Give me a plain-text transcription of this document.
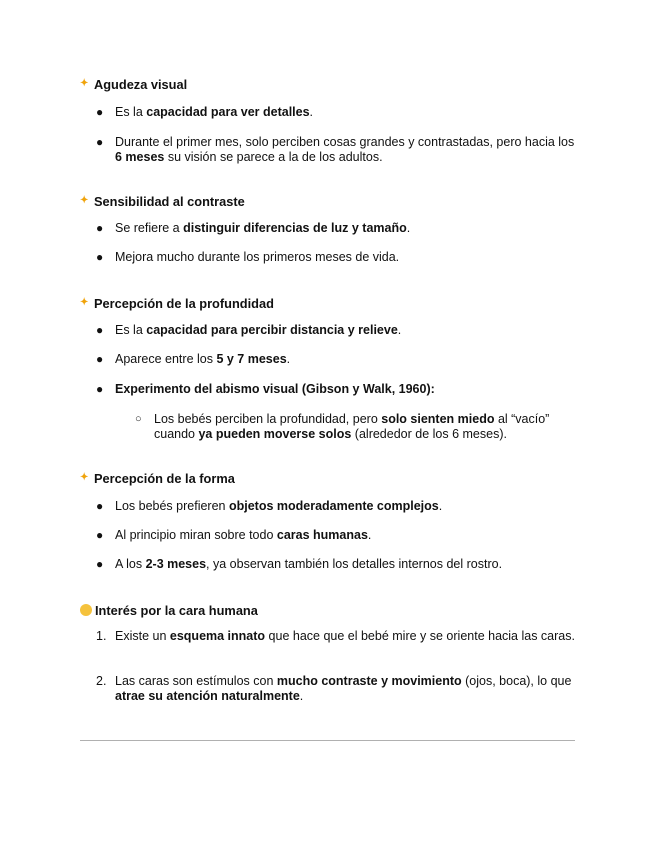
✦ Agudeza visual
● Es la capacidad para ver detalles.
● Durante el primer mes, solo perciben cosas grandes y contrastadas, pero hacia los 6 meses su visión se parece a la de los adultos.
✦ Sensibilidad al contraste
● Se refiere a distinguir diferencias de luz y tamaño.
● Mejora mucho durante los primeros meses de vida.
✦ Percepción de la profundidad
● Es la capacidad para percibir distancia y relieve.
● Aparece entre los 5 y 7 meses.
● Experimento del abismo visual (Gibson y Walk, 1960):
○ Los bebés perciben la profundidad, pero solo sienten miedo al “vacío” cuando ya pueden moverse solos (alrededor de los 6 meses).
✦ Percepción de la forma
● Los bebés prefieren objetos moderadamente complejos.
● Al principio miran sobre todo caras humanas.
● A los 2-3 meses, ya observan también los detalles internos del rostro.
Interés por la cara humana
1. Existe un esquema innato que hace que el bebé mire y se oriente hacia las caras.
2. Las caras son estímulos con mucho contraste y movimiento (ojos, boca), lo que atrae su atención naturalmente.
